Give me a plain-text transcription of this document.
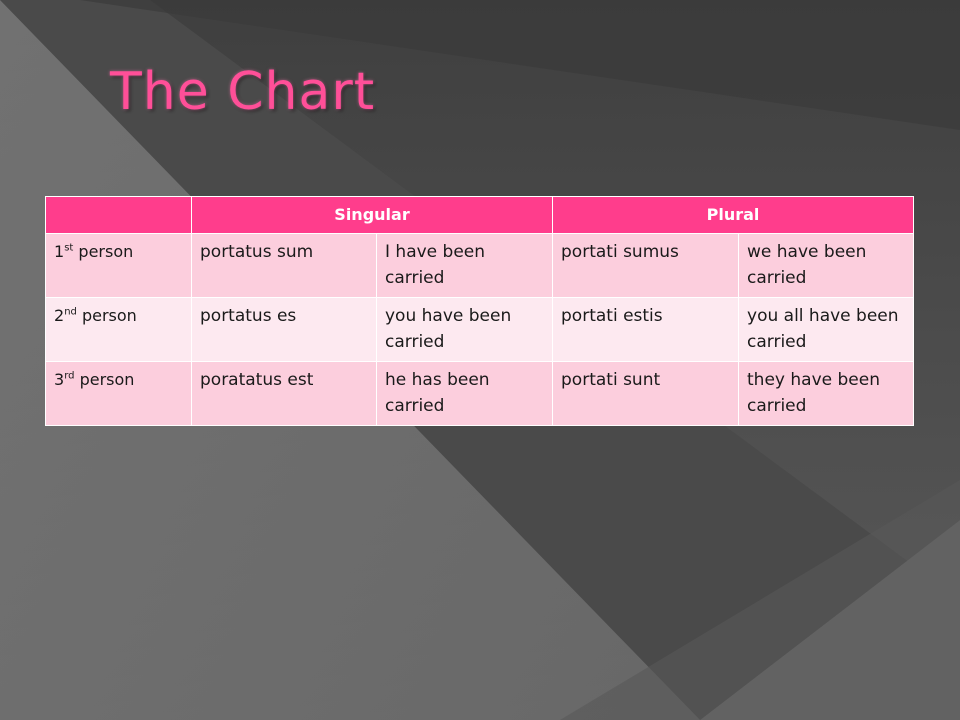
The Chart
	Singular		Plural	
1st person	portatus sum	I have been carried	portati sumus	we have been carried
2nd person	portatus es	you have been carried	portati estis	you all have been carried
3rd person	poratatus est	he has been carried	portati sunt	they have been carried
